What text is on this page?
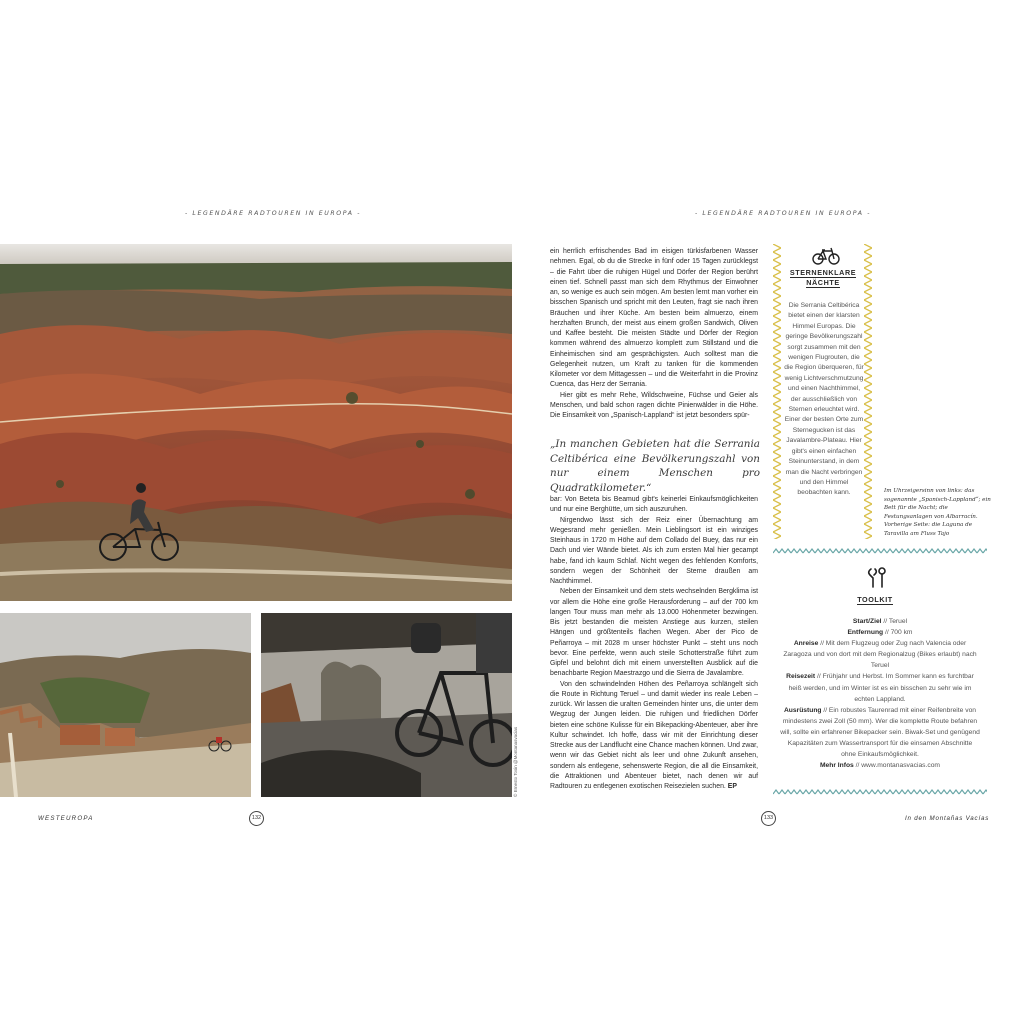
- LEGENDÄRE RADTOUREN IN EUROPA -	- LEGENDÄRE RADTOUREN IN EUROPA -
© Ernesto Tosin @Montanasvacias

ein herrlich erfrischendes Bad im eisigen türkisfarbenen Wasser nehmen. Egal, ob du die Strecke in fünf oder 15 Tagen zurücklegst – die Fahrt über die ruhigen Hügel und Dörfer der Region berührt einen tief. Schnell passt man sich dem Rhythmus der Einwohner an, so wenige es auch sein mögen. Am besten lernt man vorher ein bisschen Spanisch und spricht mit den Leuten, fragt sie nach ihren Bräuchen und ihrer Küche. Am besten beim almuerzo, einem herzhaften Brunch, der meist aus einem großen Sandwich, Oliven und Kaffee besteht. Die meisten Städte und Dörfer der Region kommen während des almuerzo komplett zum Stillstand und die Einheimischen sind am gesprächigsten. Auch solltest man die Gelegenheit nutzen, um Kraft zu tanken für die kommenden Kilometer vor dem Mittagessen – und die Weiterfahrt in die Provinz Cuenca, das Herz der Serrania.

Hier gibt es mehr Rehe, Wildschweine, Füchse und Geier als Menschen, und bald schon ragen dichte Pinienwälder in die Höhe. Die Einsamkeit von „Spanisch-Lappland“ ist jetzt besonders spür-

„In manchen Gebieten hat die Serrania Celtibérica eine Bevölkerungszahl von nur einem Menschen pro Quadratkilometer.“

bar: Von Beteta bis Beamud gibt's keinerlei Einkaufsmöglichkeiten und nur eine Berghütte, um sich auszuruhen.

Nirgendwo lässt sich der Reiz einer Übernachtung am Wegesrand mehr genießen. Mein Lieblingsort ist ein winziges Steinhaus in 1720 m Höhe auf dem Collado del Buey, das nur ein Dach und vier Wände bietet. Als ich zum ersten Mal hier gecampt habe, fand ich kaum Schlaf. Nicht wegen des fehlenden Komforts, sondern wegen der Schönheit der Sterne draußen am Nachthimmel.

Neben der Einsamkeit und dem stets wechselnden Bergklima ist vor allem die Höhe eine große Herausforderung – auf der 700 km langen Tour muss man mehr als 13.000 Höhenmeter bezwingen. Bis jetzt bestanden die meisten Anstiege aus kurzen, steilen Hängen und größtenteils flachen Wegen. Aber der Pico de Peñarroya – mit 2028 m unser höchster Punkt – steht uns noch bevor. Eine perfekte, wenn auch steile Schotterstraße führt zum Gipfel und belohnt dich mit einem unverstellten Ausblick auf die benachbarte Region Maestrazgo und die Sierra de Javalambre.

Von den schwindelnden Höhen des Peñarroya schlängelt sich die Route in Richtung Teruel – und damit wieder ins reale Leben – zurück. Wir lassen die uralten Gemeinden hinter uns, die unter dem Wegzug der Jungen leiden. Die ruhigen und friedlichen Dörfer bieten eine schöne Kulisse für ein Bikepacking-Abenteuer, aber ihre Kultur schwindet. Ich hoffe, dass wir mit der Einrichtung dieser Strecke aus der Landflucht eine Chance machen können. Und zwar, wenn wir das Gebiet nicht als leer und ohne Zukunft ansehen, sondern als entlegene, sehenswerte Region, die all die Einsamkeit, die Attraktionen und Abenteuer bietet, nach denen wir auf Radtouren zu entlegenen exotischen Reisezielen suchen. EP

STERNENKLARE
NÄCHTE

Die Serrania Celtibérica bietet einen der klarsten Himmel Europas. Die geringe Bevölkerungszahl sorgt zusammen mit den wenigen Flugrouten, die die Region überqueren, für wenig Lichtverschmutzung und einen Nachthimmel, der ausschließlich von Sternen erleuchtet wird. Einer der besten Orte zum Sternegucken ist das Javalambre-Plateau. Hier gibt's einen einfachen Steinunterstand, in dem man die Nacht verbringen und den Himmel beobachten kann.	Im Uhrzeigersinn von links: das sogenannte „Spanisch-Lappland“; ein Bett für die Nacht; die Festungsanlagen von Albarracín. Vorherige Seite: die Laguna de Taravilla am Fluss Tajo
TOOLKIT

Start/Ziel // Teruel

Entfernung // 700 km

Anreise // Mit dem Flugzeug oder Zug nach Valencia oder Zaragoza und von dort mit dem Regionalzug (Bikes erlaubt) nach Teruel

Reisezeit // Frühjahr und Herbst. Im Sommer kann es furchtbar heiß werden, und im Winter ist es ein bisschen zu sehr wie im echten Lappland.

Ausrüstung // Ein robustes Taurenrad mit einer Reifenbreite von mindestens zwei Zoll (50 mm). Wer die komplette Route befahren will, sollte ein erfahrener Bikepacker sein. Biwak-Set und genügend Kapazitäten zum Wassertransport für die einsamen Abschnitte ohne Einkaufsmöglichkeit.

Mehr Infos // www.montanasvacias.com

WESTEUROPA	132	133	In den Montañas Vacías
